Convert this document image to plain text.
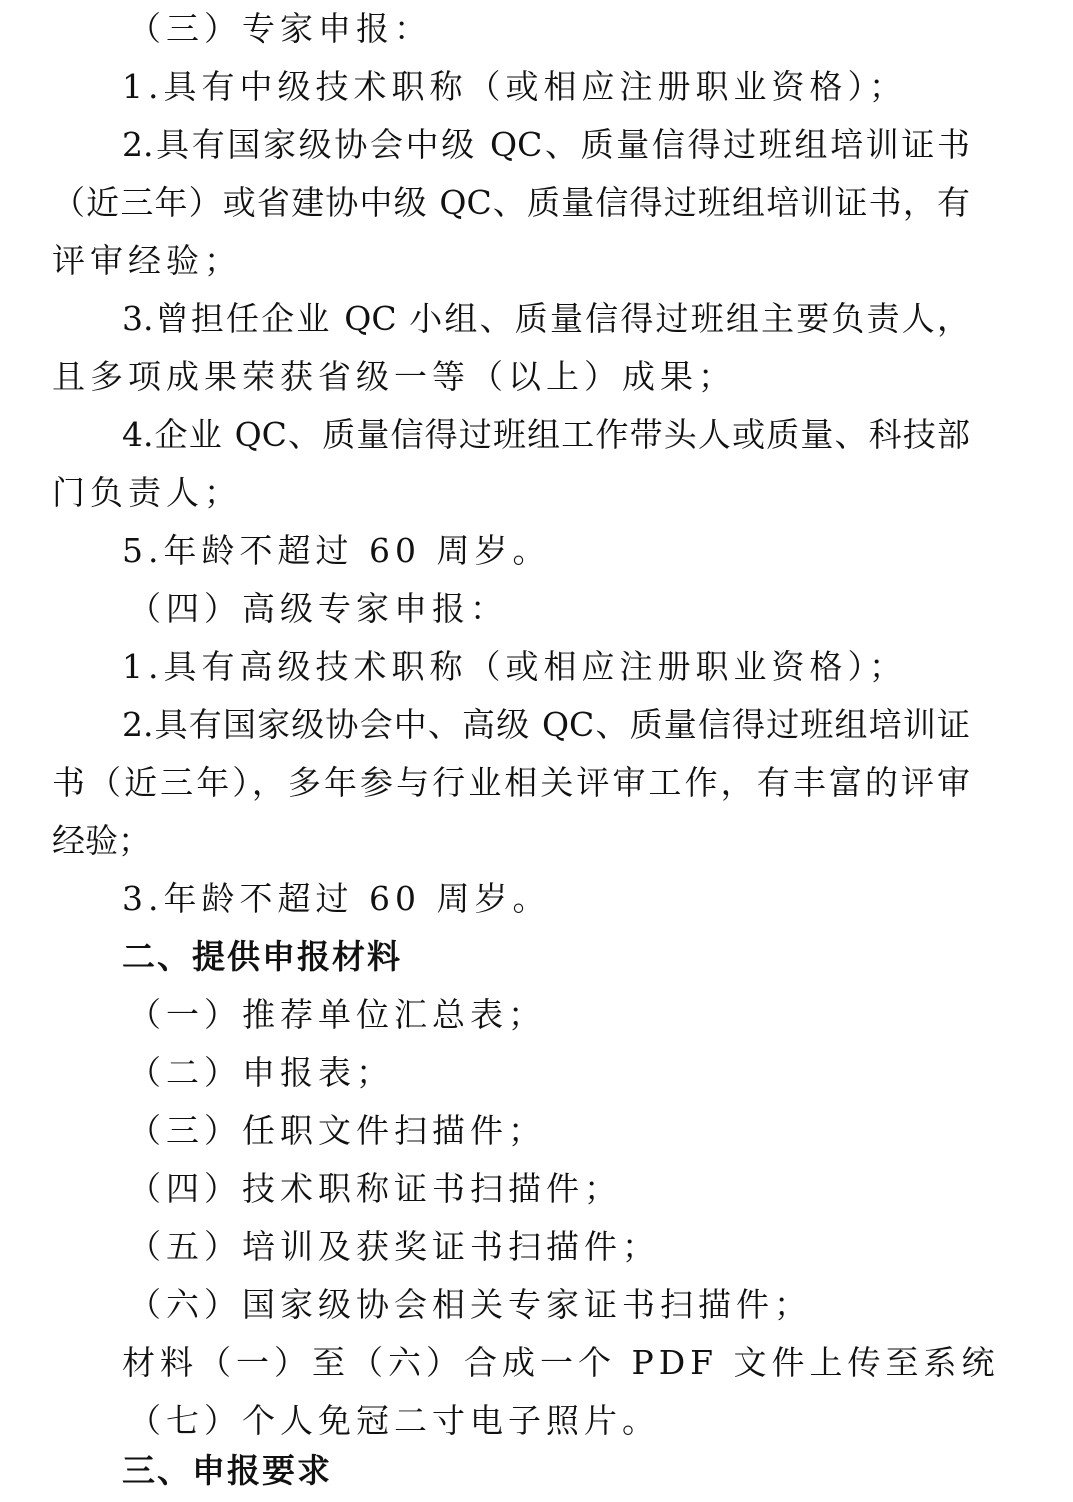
（三）专家申报：
1.具有中级技术职称（或相应注册职业资格）；
2.具有国家级协会中级 QC、质量信得过班组培训证书
（近三年）或省建协中级 QC、质量信得过班组培训证书，有
评审经验；
3.曾担任企业 QC 小组、质量信得过班组主要负责人，
且多项成果荣获省级一等（以上）成果；
4.企业 QC、质量信得过班组工作带头人或质量、科技部
门负责人；
5.年龄不超过 60 周岁。
（四）高级专家申报：
1.具有高级技术职称（或相应注册职业资格）；
2.具有国家级协会中、高级 QC、质量信得过班组培训证
书（近三年），多年参与行业相关评审工作，有丰富的评审
经验；
3.年龄不超过 60 周岁。
二、提供申报材料
（一）推荐单位汇总表；
（二）申报表；
（三）任职文件扫描件；
（四）技术职称证书扫描件；
（五）培训及获奖证书扫描件；
（六）国家级协会相关专家证书扫描件；
材料（一）至（六）合成一个 PDF 文件上传至系统
（七）个人免冠二寸电子照片。
三、申报要求
